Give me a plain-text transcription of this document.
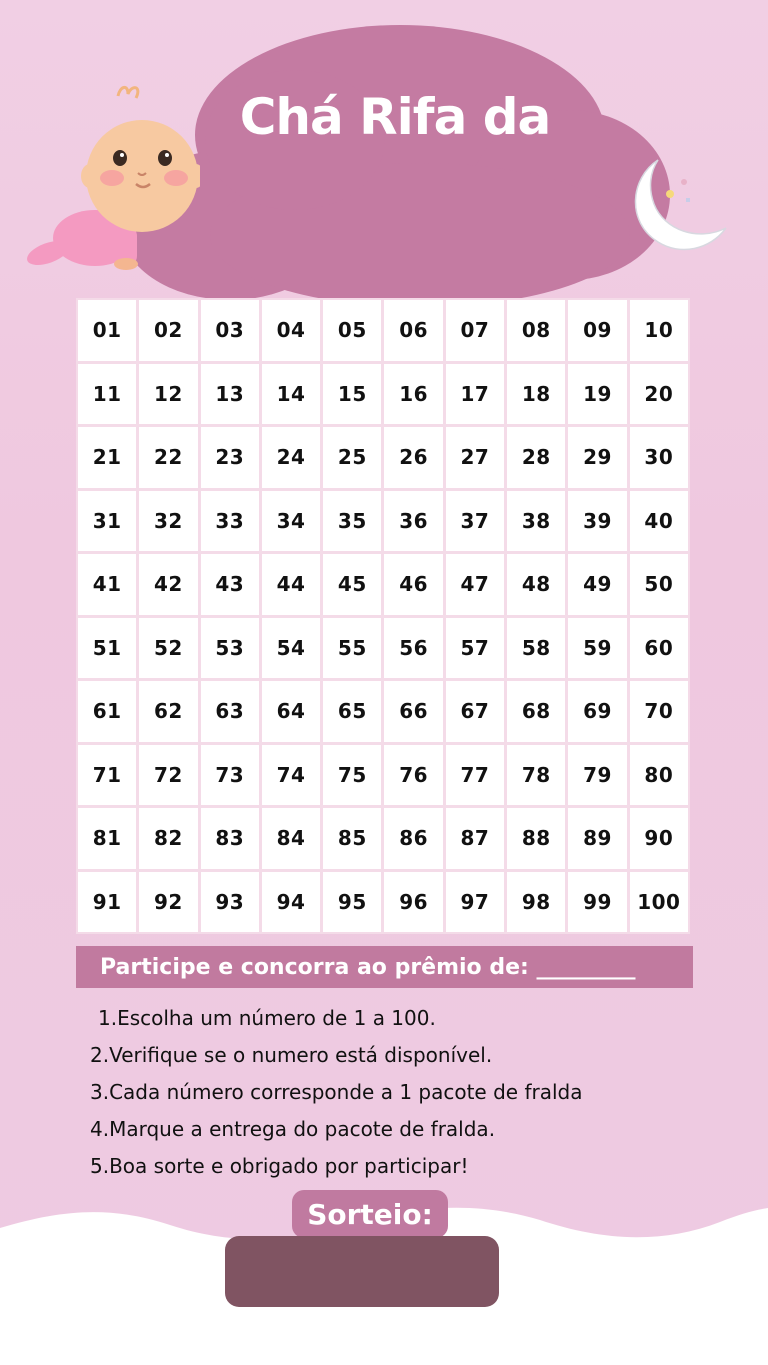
Chá Rifa da
01	02	03	04	05	06	07	08	09	10
11	12	13	14	15	16	17	18	19	20
21	22	23	24	25	26	27	28	29	30
31	32	33	34	35	36	37	38	39	40
41	42	43	44	45	46	47	48	49	50
51	52	53	54	55	56	57	58	59	60
61	62	63	64	65	66	67	68	69	70
71	72	73	74	75	76	77	78	79	80
81	82	83	84	85	86	87	88	89	90
91	92	93	94	95	96	97	98	99	100
Participe e concorra ao prêmio de: _________
1.Escolha um número de 1 a 100.
2.Verifique se o numero está disponível.
3.Cada número corresponde a 1 pacote de fralda
4.Marque a entrega do pacote de fralda.
5.Boa sorte e obrigado por participar!
Sorteio:
